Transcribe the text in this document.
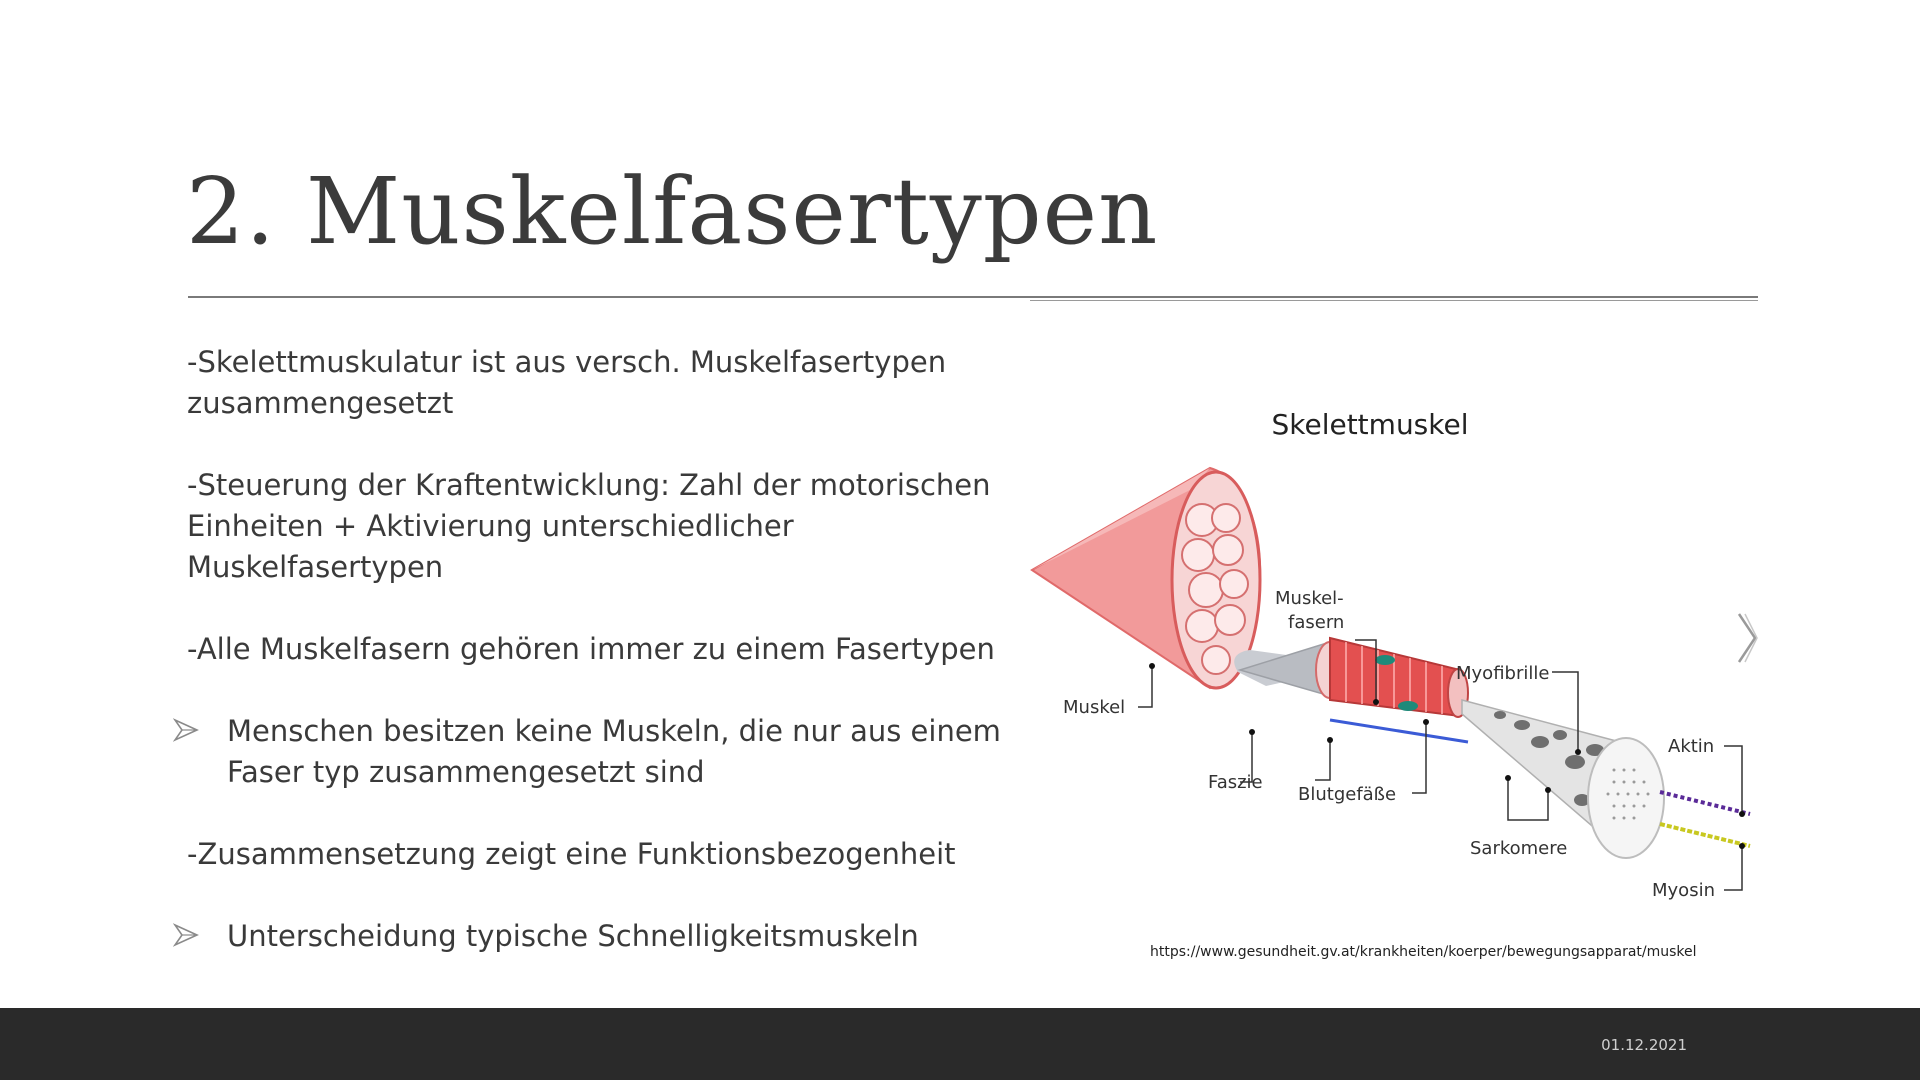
2. Muskelfasertypen

-Skelettmuskulatur ist aus versch. Muskelfasertypen zusammengesetzt

-Steuerung der Kraftentwicklung: Zahl der motorischen Einheiten + Aktivierung unterschiedlicher Muskelfasertypen

-Alle Muskelfasern gehören immer zu einem Fasertypen

Menschen besitzen keine Muskeln, die nur aus einem Faser typ zusammengesetzt sind

-Zusammensetzung zeigt eine Funktionsbezogenheit

Unterscheidung typische Schnelligkeitsmuskeln
Skelettmuskel
Muskel
Muskel-
fasern
Myofibrille
Aktin
Faszie
Blutgefäße
Sarkomere
Myosin
https://www.gesundheit.gv.at/krankheiten/koerper/bewegungsapparat/muskel
01.12.2021
